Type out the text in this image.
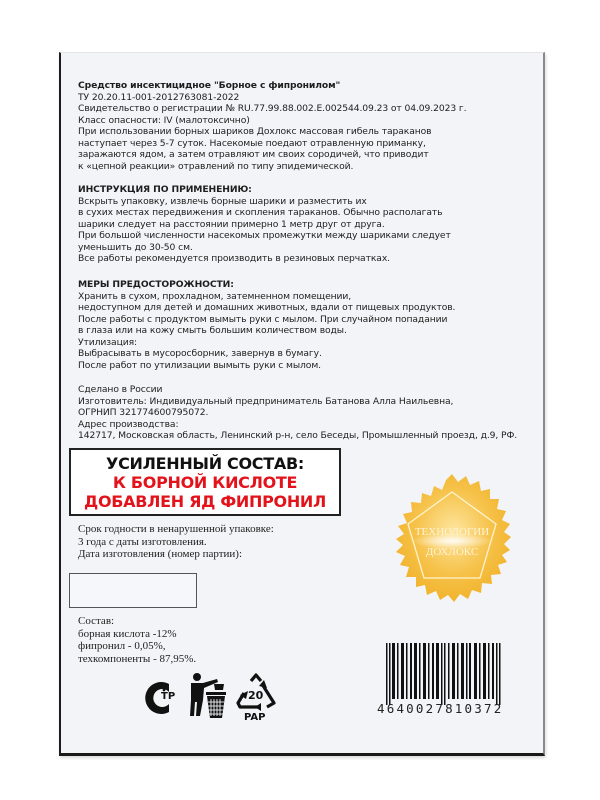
Средство инсектицидное "Борное с фипронилом"
ТУ 20.20.11-001-2012763081-2022
Свидетельство о регистрации № RU.77.99.88.002.Е.002544.09.23 от 04.09.2023 г.
Класс опасности: IV (малотоксично)
При использовании борных шариков Дохлокс массовая гибель тараканов
наступает через 5-7 суток. Насекомые поедают отравленную приманку,
заражаются ядом, а затем отравляют им своих сородичей, что приводит
к «цепной реакции» отравлений по типу эпидемической.
ИНСТРУКЦИЯ ПО ПРИМЕНЕНИЮ:
Вскрыть упаковку, извлечь борные шарики и разместить их
в сухих местах передвижения и скопления тараканов. Обычно располагать
шарики следует на расстоянии примерно 1 метр друг от друга.
При большой численности насекомых промежутки между шариками следует
уменьшить до 30-50 см.
Все работы рекомендуется производить в резиновых перчатках.
МЕРЫ ПРЕДОСТОРОЖНОСТИ:
Хранить в сухом, прохладном, затемненном помещении,
недоступном для детей и домашних животных, вдали от пищевых продуктов.
После работы с продуктом вымыть руки с мылом. При случайном попадании
в глаза или на кожу смыть большим количеством воды.
Утилизация:
Выбрасывать в мусоросборник, завернув в бумагу.
После работ по утилизации вымыть руки с мылом.
Сделано в России
Изготовитель: Индивидуальный предприниматель Батанова Алла Наильевна,
ОГРНИП 321774600795072.
Адрес производства:
142717, Московская область, Ленинский р-н, село Беседы, Промышленный проезд, д.9, РФ.
УСИЛЕННЫЙ СОСТАВ:
К БОРНОЙ КИСЛОТЕ
ДОБАВЛЕН ЯД ФИПРОНИЛ
ТЕХНОЛОГИИ
ДОХЛОКС
Срок годности в ненарушенной упаковке:
3 года с даты изготовления.
Дата изготовления (номер партии):
Состав:
борная кислота -12%
фипронил - 0,05%,
техкомпоненты - 87,95%.
ТР	20
PAP
4640027810372
